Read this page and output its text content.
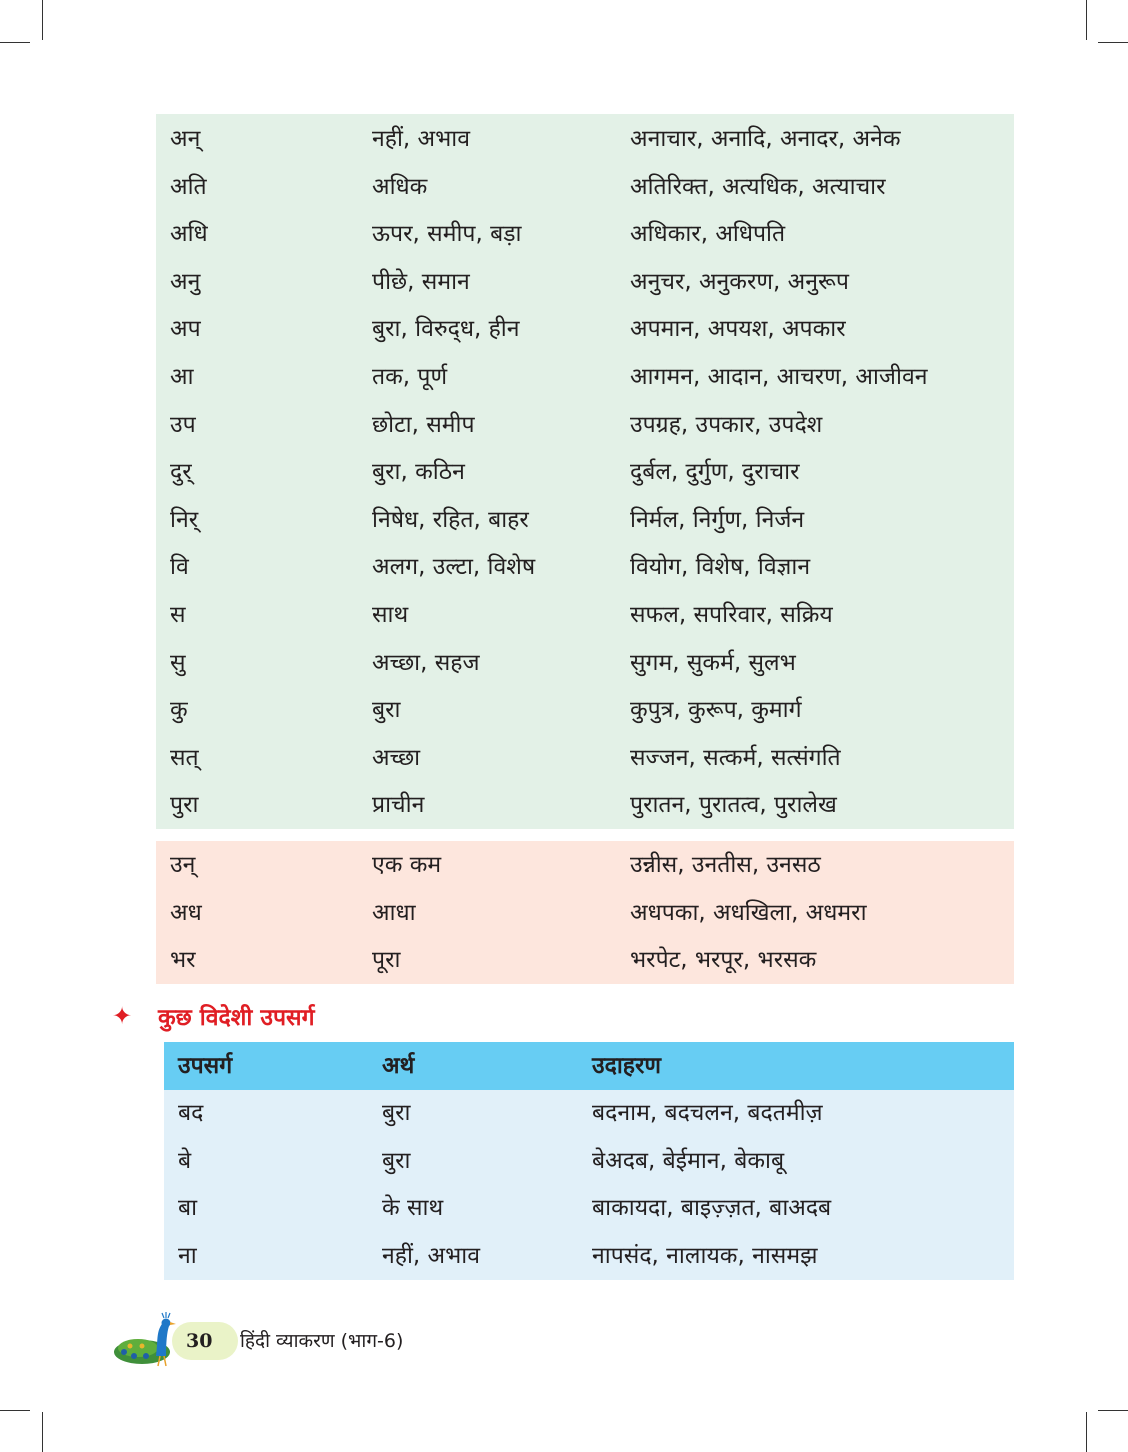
अन्	नहीं, अभाव	अनाचार, अनादि, अनादर, अनेक
अति	अधिक	अतिरिक्त, अत्यधिक, अत्याचार
अधि	ऊपर, समीप, बड़ा	अधिकार, अधिपति
अनु	पीछे, समान	अनुचर, अनुकरण, अनुरूप
अप	बुरा, विरुद्‌ध, हीन	अपमान, अपयश, अपकार
आ	तक, पूर्ण	आगमन, आदान, आचरण, आजीवन
उप	छोटा, समीप	उपग्रह, उपकार, उपदेश
दुर्	बुरा, कठिन	दुर्बल, दुर्गुण, दुराचार
निर्	निषेध, रहित, बाहर	निर्मल, निर्गुण, निर्जन
वि	अलग, उल्टा, विशेष	वियोग, विशेष, विज्ञान
स	साथ	सफल, सपरिवार, सक्रिय
सु	अच्छा, सहज	सुगम, सुकर्म, सुलभ
कु	बुरा	कुपुत्र, कुरूप, कुमार्ग
सत्	अच्छा	सज्जन, सत्कर्म, सत्संगति
पुरा	प्राचीन	पुरातन, पुरातत्व, पुरालेख
उन्	एक कम	उन्नीस, उनतीस, उनसठ
अध	आधा	अधपका, अधखिला, अधमरा
भर	पूरा	भरपेट, भरपूर, भरसक
✦	कुछ विदेशी उपसर्ग
उपसर्ग	अर्थ	उदाहरण
बद	बुरा	बदनाम, बदचलन, बदतमीज़
बे	बुरा	बेअदब, बेईमान, बेकाबू
बा	के साथ	बाकायदा, बाइज़्ज़त, बाअदब
ना	नहीं, अभाव	नापसंद, नालायक, नासमझ
30 हिंदी व्याकरण (भाग-6)
